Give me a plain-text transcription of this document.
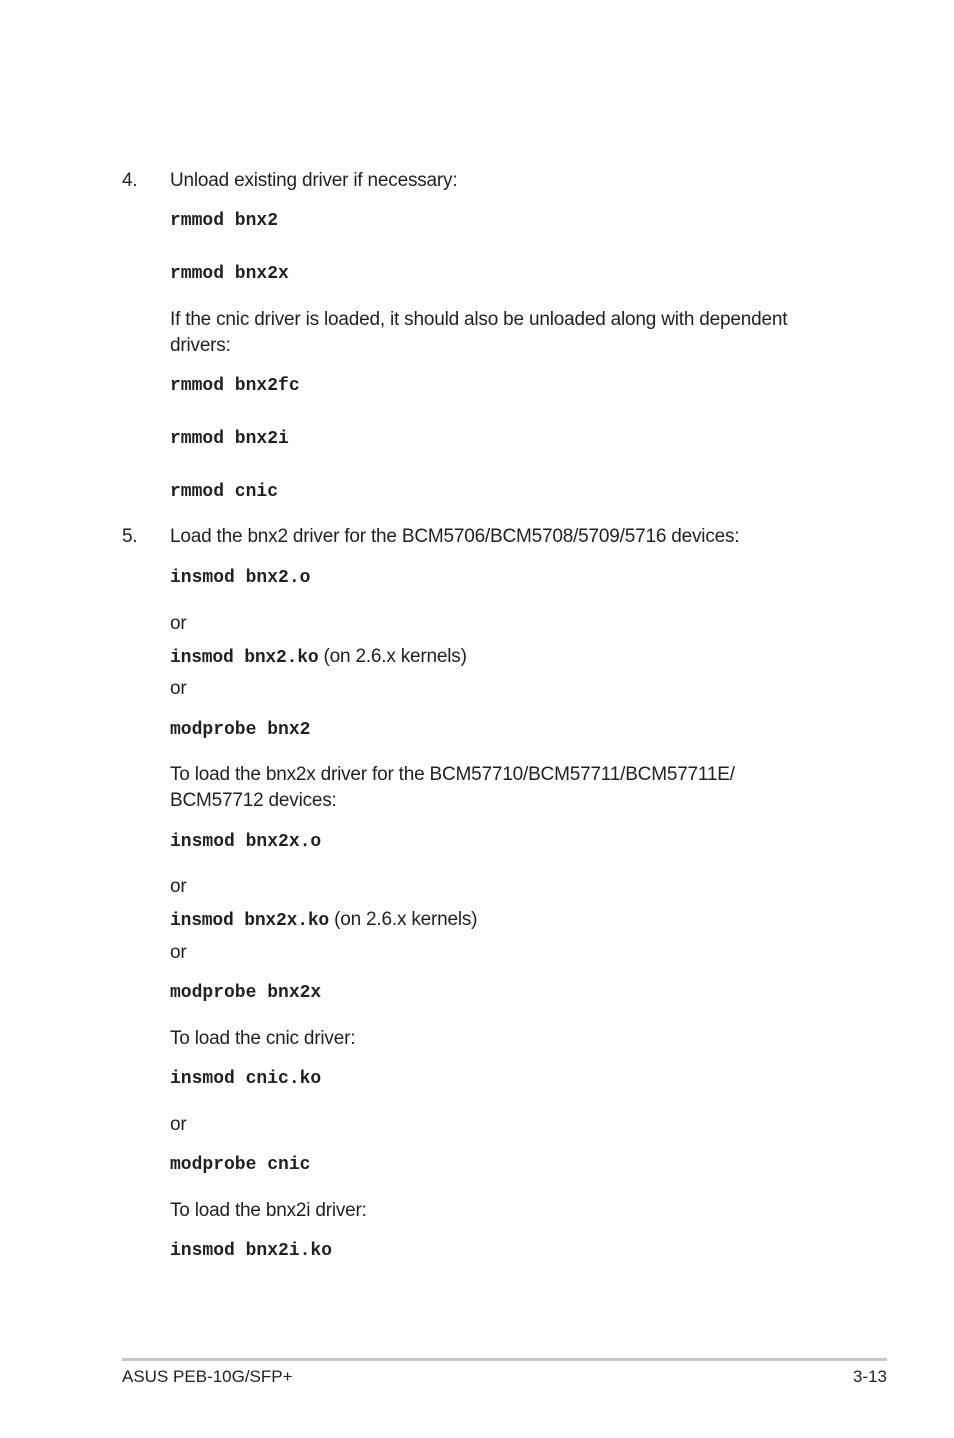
4. Unload existing driver if necessary:
rmmod bnx2
rmmod bnx2x
If the cnic driver is loaded, it should also be unloaded along with dependent
drivers:
rmmod bnx2fc
rmmod bnx2i
rmmod cnic
5. Load the bnx2 driver for the BCM5706/BCM5708/5709/5716 devices:
insmod bnx2.o
or
insmod bnx2.ko (on 2.6.x kernels)
or
modprobe bnx2
To load the bnx2x driver for the BCM57710/BCM57711/BCM57711E/
BCM57712 devices:
insmod bnx2x.o
or
insmod bnx2x.ko (on 2.6.x kernels)
or
modprobe bnx2x
To load the cnic driver:
insmod cnic.ko
or
modprobe cnic
To load the bnx2i driver:
insmod bnx2i.ko
ASUS PEB-10G/SFP+	3-13
